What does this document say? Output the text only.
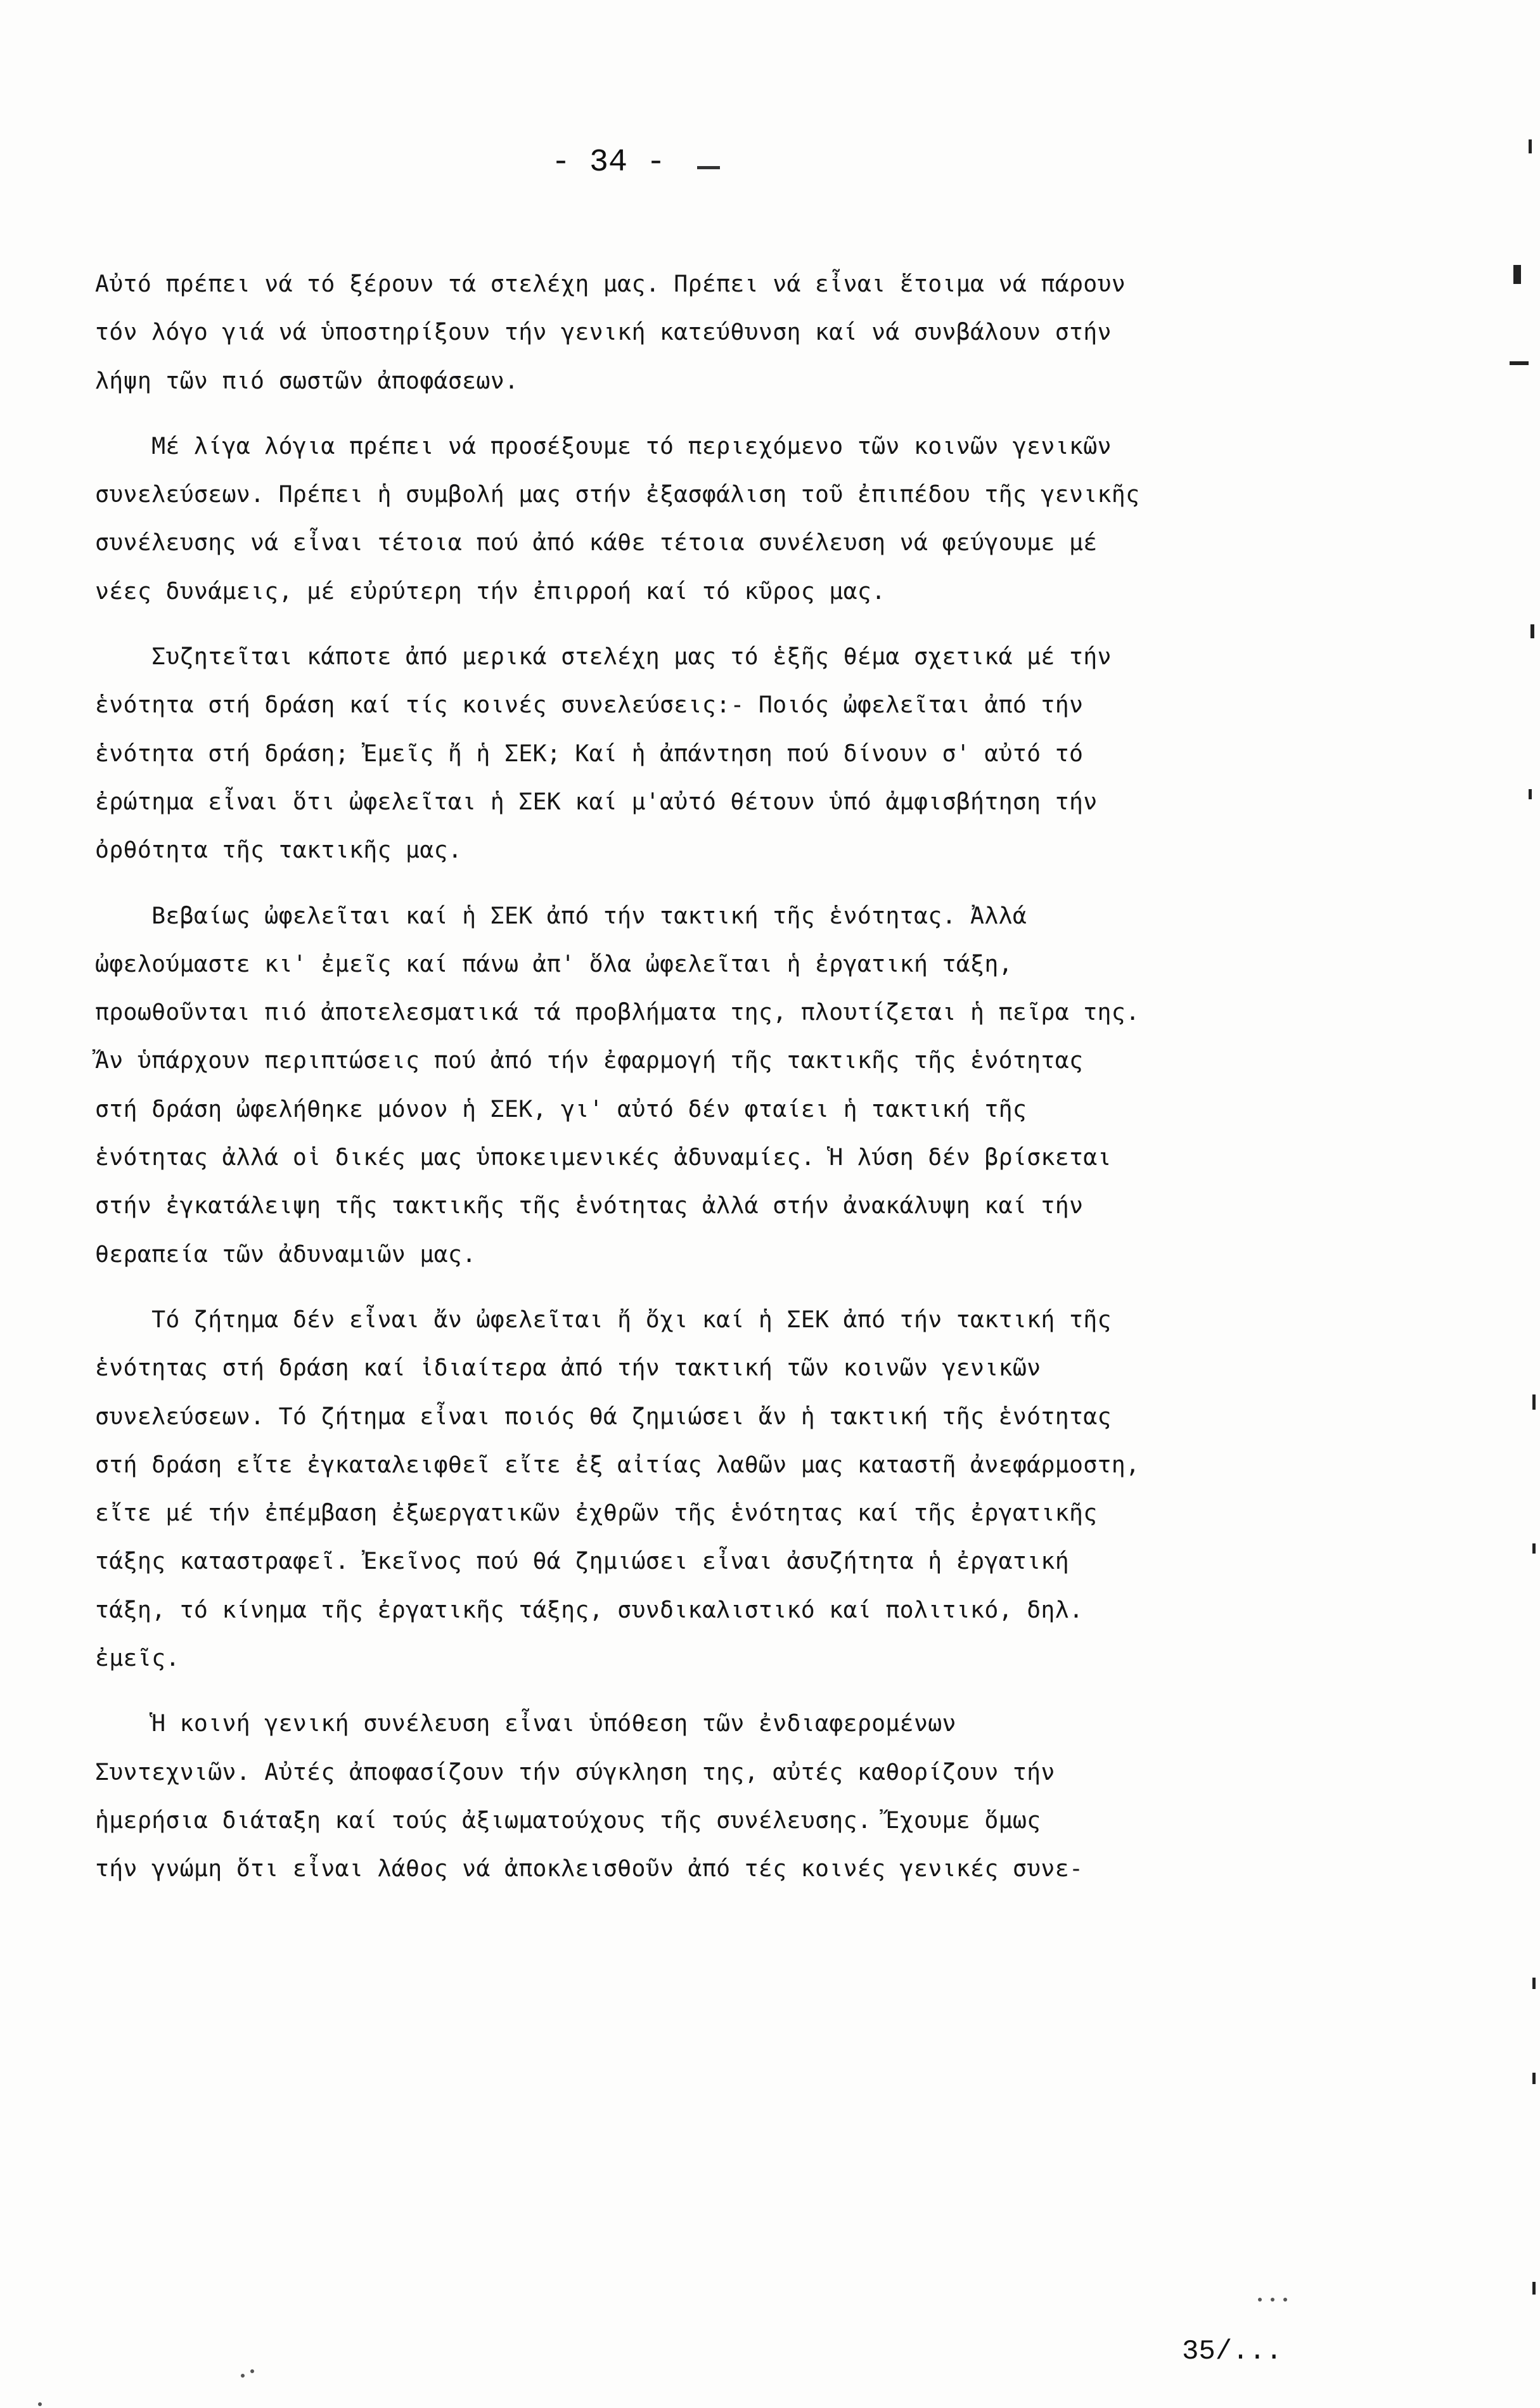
- 34 -
Αὐτό πρέπει νά τό ξέρουν τά στελέχη μας. Πρέπει νά εἶναι ἕτοιμα νά πάρουν
τόν λόγο γιά νά ὑποστηρίξουν τήν γενική κατεύθυνση καί νά συνβάλουν στήν
λήψη τῶν πιό σωστῶν ἀποφάσεων.
Μέ λίγα λόγια πρέπει νά προσέξουμε τό περιεχόμενο τῶν κοινῶν γενικῶν
συνελεύσεων. Πρέπει ἡ συμβολή μας στήν ἐξασφάλιση τοῦ ἐπιπέδου τῆς γενικῆς
συνέλευσης νά εἶναι τέτοια πού ἀπό κάθε τέτοια συνέλευση νά φεύγουμε μέ
νέες δυνάμεις, μέ εὐρύτερη τήν ἐπιρροή καί τό κῦρος μας.
Συζητεῖται κάποτε ἀπό μερικά στελέχη μας τό ἑξῆς θέμα σχετικά μέ τήν
ἑνότητα στή δράση καί τίς κοινές συνελεύσεις:- Ποιός ὠφελεῖται ἀπό τήν
ἑνότητα στή δράση; Ἐμεῖς ἤ ἡ ΣΕΚ; Καί ἡ ἀπάντηση πού δίνουν σ' αὐτό τό
ἐρώτημα εἶναι ὅτι ὠφελεῖται ἡ ΣΕΚ καί μ'αὐτό θέτουν ὑπό ἀμφισβήτηση τήν
ὀρθότητα τῆς τακτικῆς μας.
Βεβαίως ὠφελεῖται καί ἡ ΣΕΚ ἀπό τήν τακτική τῆς ἑνότητας. Ἀλλά
ὠφελούμαστε κι' ἐμεῖς καί πάνω ἀπ' ὅλα ὠφελεῖται ἡ ἐργατική τάξη,
προωθοῦνται πιό ἀποτελεσματικά τά προβλήματα της, πλουτίζεται ἡ πεῖρα της.
Ἄν ὑπάρχουν περιπτώσεις πού ἀπό τήν ἐφαρμογή τῆς τακτικῆς τῆς ἑνότητας
στή δράση ὠφελήθηκε μόνον ἡ ΣΕΚ, γι' αὐτό δέν φταίει ἡ τακτική τῆς
ἑνότητας ἀλλά οἱ δικές μας ὑποκειμενικές ἀδυναμίες. Ἡ λύση δέν βρίσκεται
στήν ἐγκατάλειψη τῆς τακτικῆς τῆς ἑνότητας ἀλλά στήν ἀνακάλυψη καί τήν
θεραπεία τῶν ἀδυναμιῶν μας.
Τό ζήτημα δέν εἶναι ἄν ὠφελεῖται ἤ ὄχι καί ἡ ΣΕΚ ἀπό τήν τακτική τῆς
ἑνότητας στή δράση καί ἰδιαίτερα ἀπό τήν τακτική τῶν κοινῶν γενικῶν
συνελεύσεων. Τό ζήτημα εἶναι ποιός θά ζημιώσει ἄν ἡ τακτική τῆς ἑνότητας
στή δράση εἴτε ἐγκαταλειφθεῖ εἴτε ἐξ αἰτίας λαθῶν μας καταστῆ ἀνεφάρμοστη,
εἴτε μέ τήν ἐπέμβαση ἐξωεργατικῶν ἐχθρῶν τῆς ἑνότητας καί τῆς ἐργατικῆς
τάξης καταστραφεῖ. Ἐκεῖνος πού θά ζημιώσει εἶναι ἀσυζήτητα ἡ ἐργατική
τάξη, τό κίνημα τῆς ἐργατικῆς τάξης, συνδικαλιστικό καί πολιτικό, δηλ.
ἐμεῖς.
Ἡ κοινή γενική συνέλευση εἶναι ὑπόθεση τῶν ἐνδιαφερομένων
Συντεχνιῶν. Αὐτές ἀποφασίζουν τήν σύγκληση της, αὐτές καθορίζουν τήν
ἡμερήσια διάταξη καί τούς ἀξιωματούχους τῆς συνέλευσης. Ἔχουμε ὅμως
τήν γνώμη ὅτι εἶναι λάθος νά ἀποκλεισθοῦν ἀπό τές κοινές γενικές συνε-
35/...
